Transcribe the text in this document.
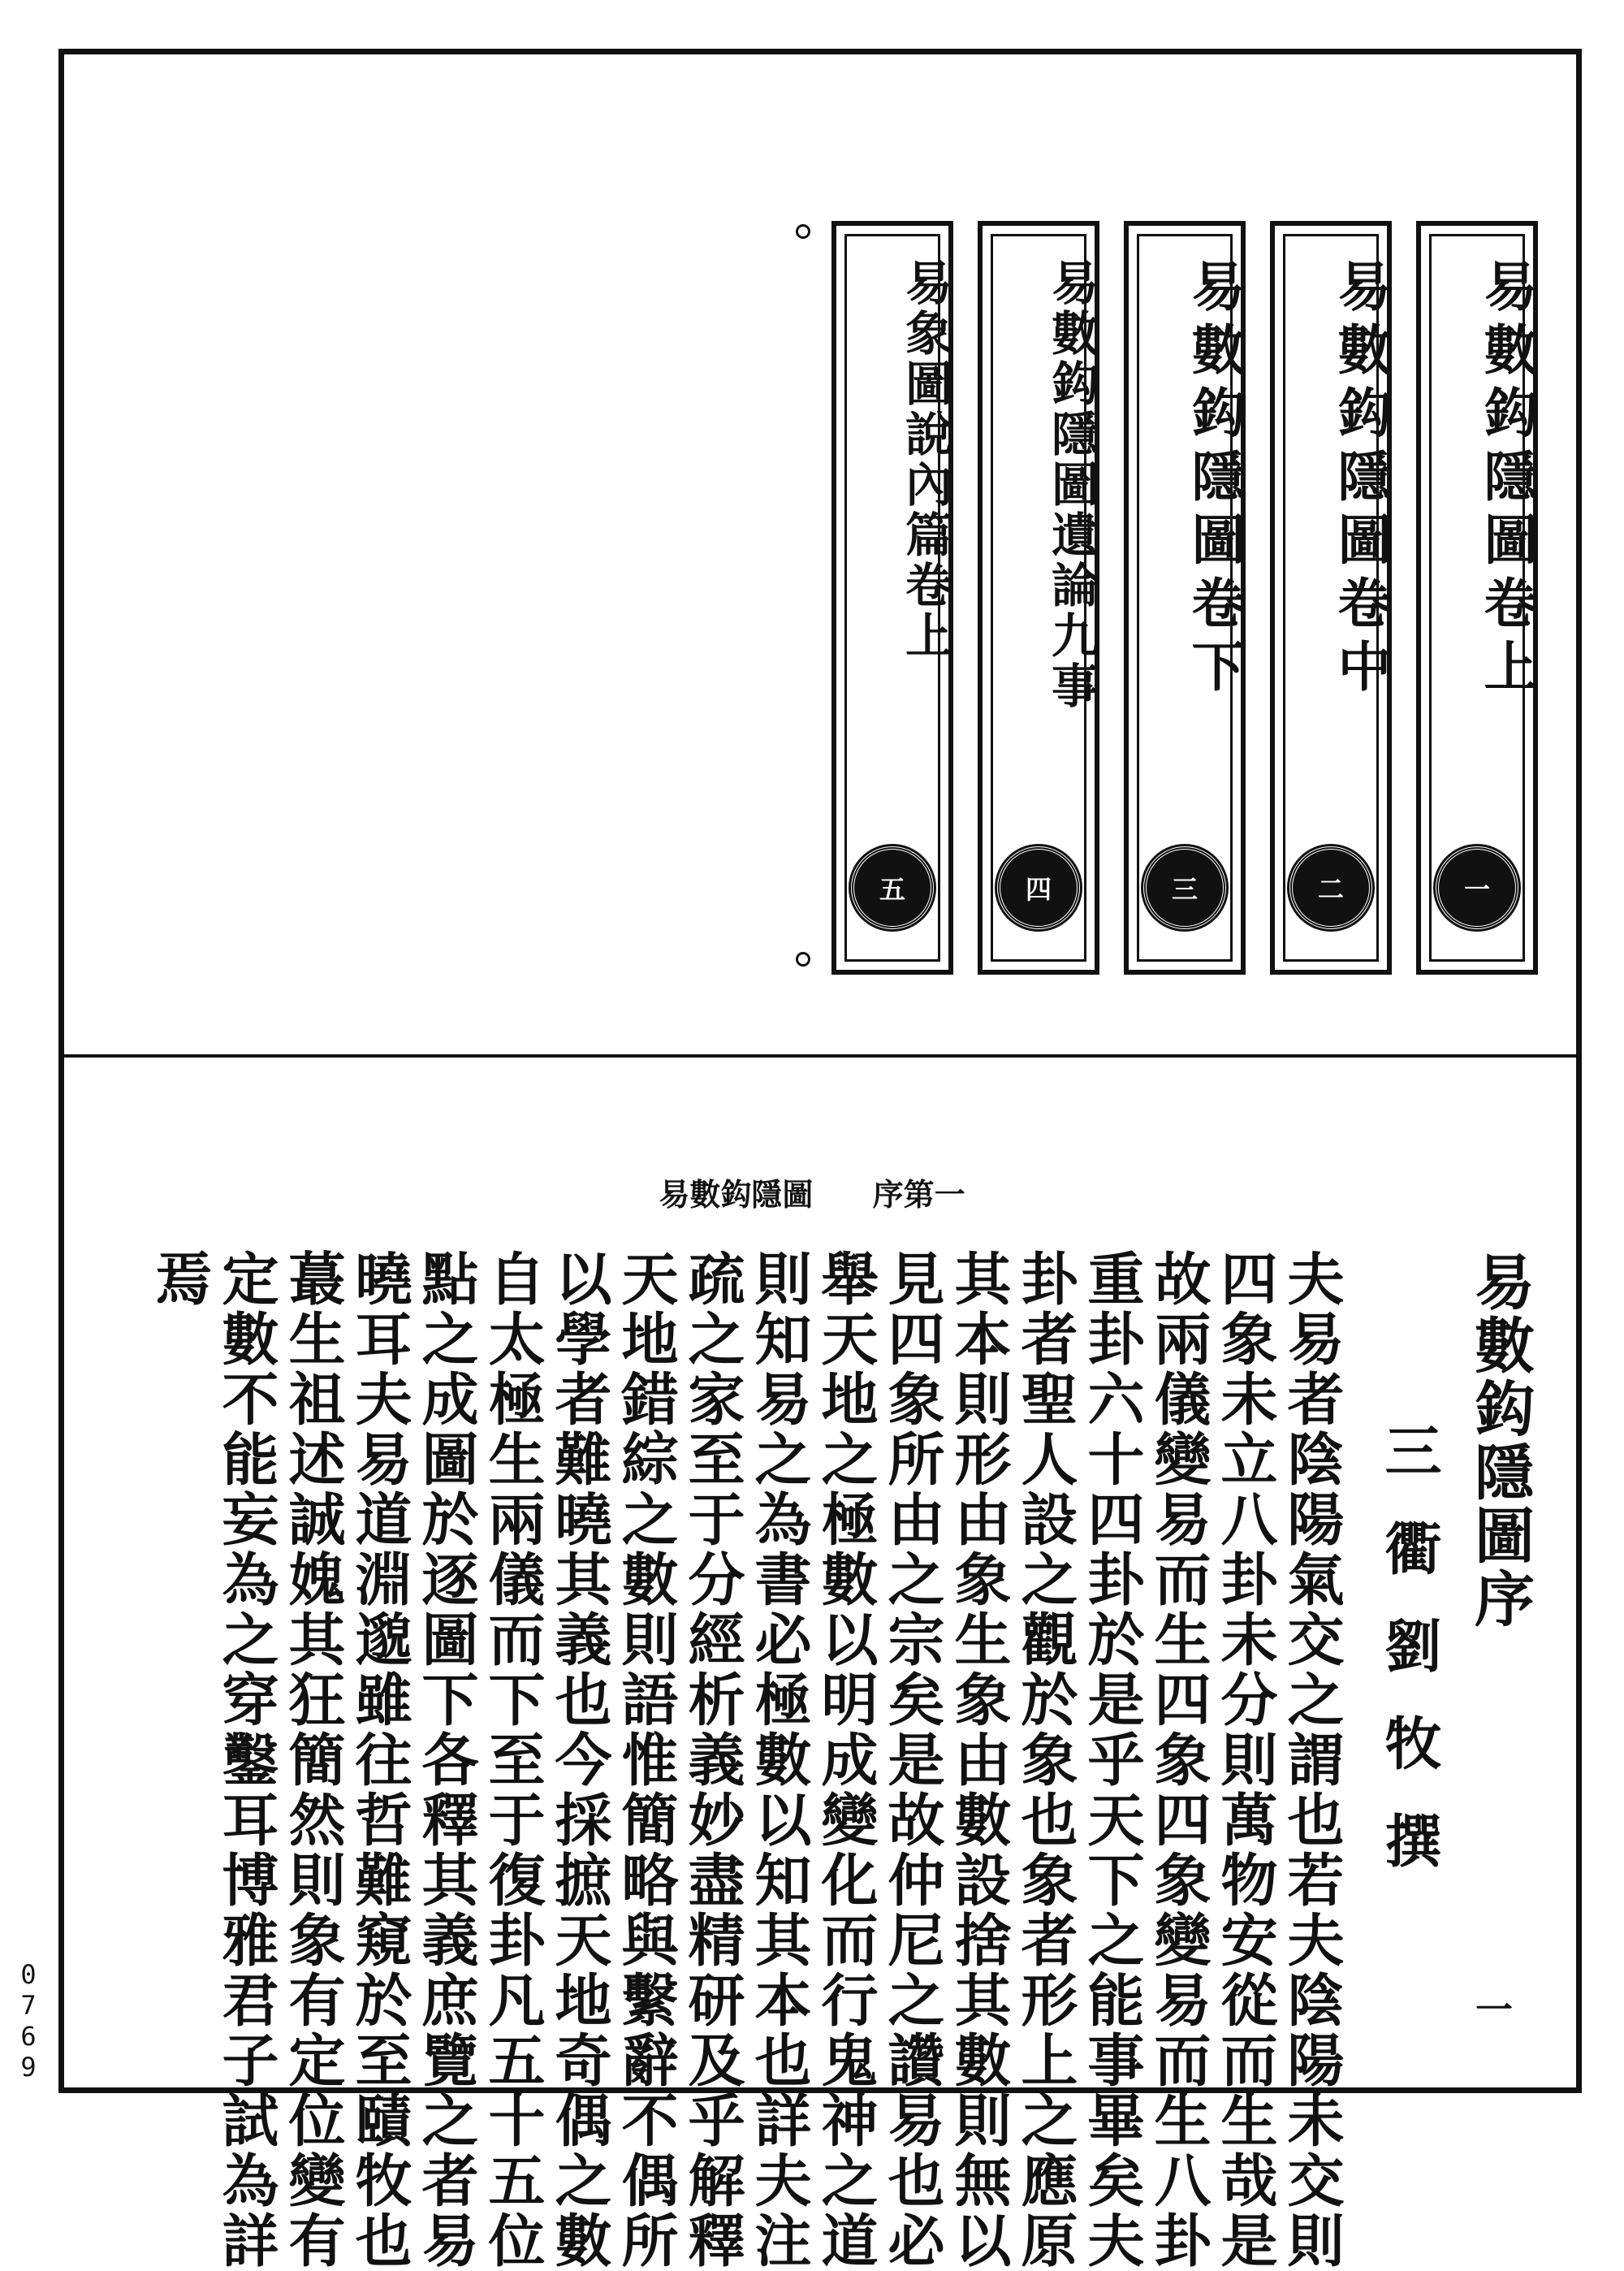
易數鈎隱圖卷上
一
易數鈎隱圖卷中
二
易數鈎隱圖卷下
三
易數鈎隱圖遺論九事
四
易象圖說內篇卷上
五
易數鈎隱圖 序第一
易數鈎隱圖序
三衢劉牧撰
一
夫易者陰陽氣交之謂也若夫陰陽未交則
四象未立八卦未分則萬物安從而生哉是
故兩儀變易而生四象四象變易而生八卦
重卦六十四卦於是乎天下之能事畢矣夫
卦者聖人設之觀於象也象者形上之應原
其本則形由象生象由數設捨其數則無以
見四象所由之宗矣是故仲尼之讚易也必
舉天地之極數以明成變化而行鬼神之道
則知易之為書必極數以知其本也詳夫注
疏之家至于分經析義妙盡精研及乎解釋
天地錯綜之數則語惟簡略與繫辭不偶所
以學者難曉其義也今採摭天地奇偶之數
自太極生兩儀而下至于復卦凡五十五位
點之成圖於逐圖下各釋其義庶覽之者易
曉耳夫易道淵邈雖往哲難窺於至賾牧也
蕞生祖述誠媿其狂簡然則象有定位變有
定數不能妄為之穿鑿耳博雅君子試為詳
焉
0
7
6
9
